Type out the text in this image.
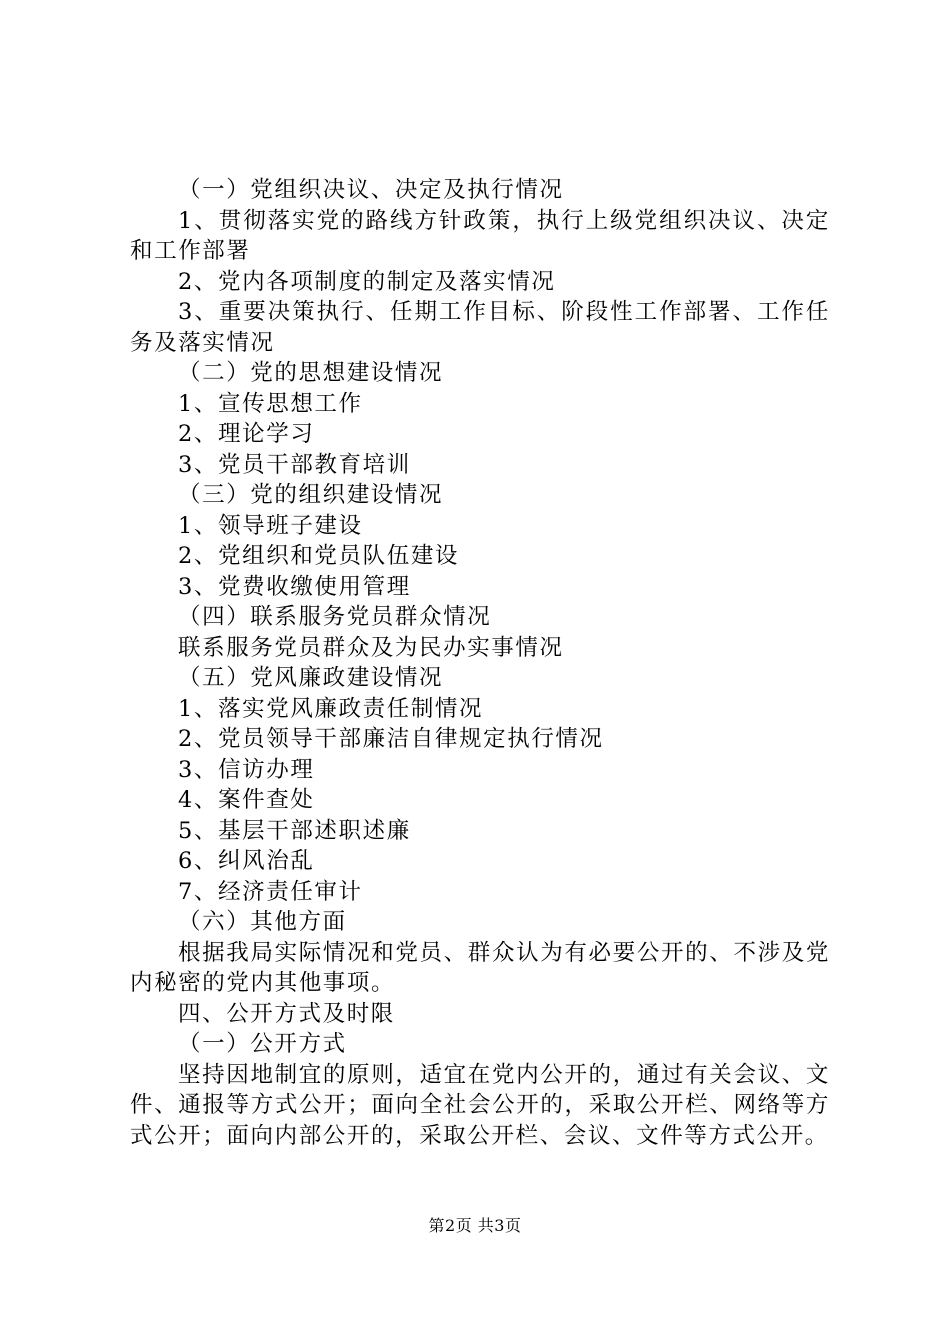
（一）党组织决议、决定及执行情况

1、贯彻落实党的路线方针政策，执行上级党组织决议、决定和工作部署

2、党内各项制度的制定及落实情况

3、重要决策执行、任期工作目标、阶段性工作部署、工作任务及落实情况

（二）党的思想建设情况

1、宣传思想工作

2、理论学习

3、党员干部教育培训

（三）党的组织建设情况

1、领导班子建设

2、党组织和党员队伍建设

3、党费收缴使用管理

（四）联系服务党员群众情况

联系服务党员群众及为民办实事情况

（五）党风廉政建设情况

1、落实党风廉政责任制情况

2、党员领导干部廉洁自律规定执行情况

3、信访办理

4、案件查处

5、基层干部述职述廉

6、纠风治乱

7、经济责任审计

（六）其他方面

根据我局实际情况和党员、群众认为有必要公开的、不涉及党内秘密的党内其他事项。

四、公开方式及时限

（一）公开方式

坚持因地制宜的原则，适宜在党内公开的，通过有关会议、文件、通报等方式公开；面向全社会公开的，采取公开栏、网络等方式公开；面向内部公开的，采取公开栏、会议、文件等方式公开。

第2页 共3页
